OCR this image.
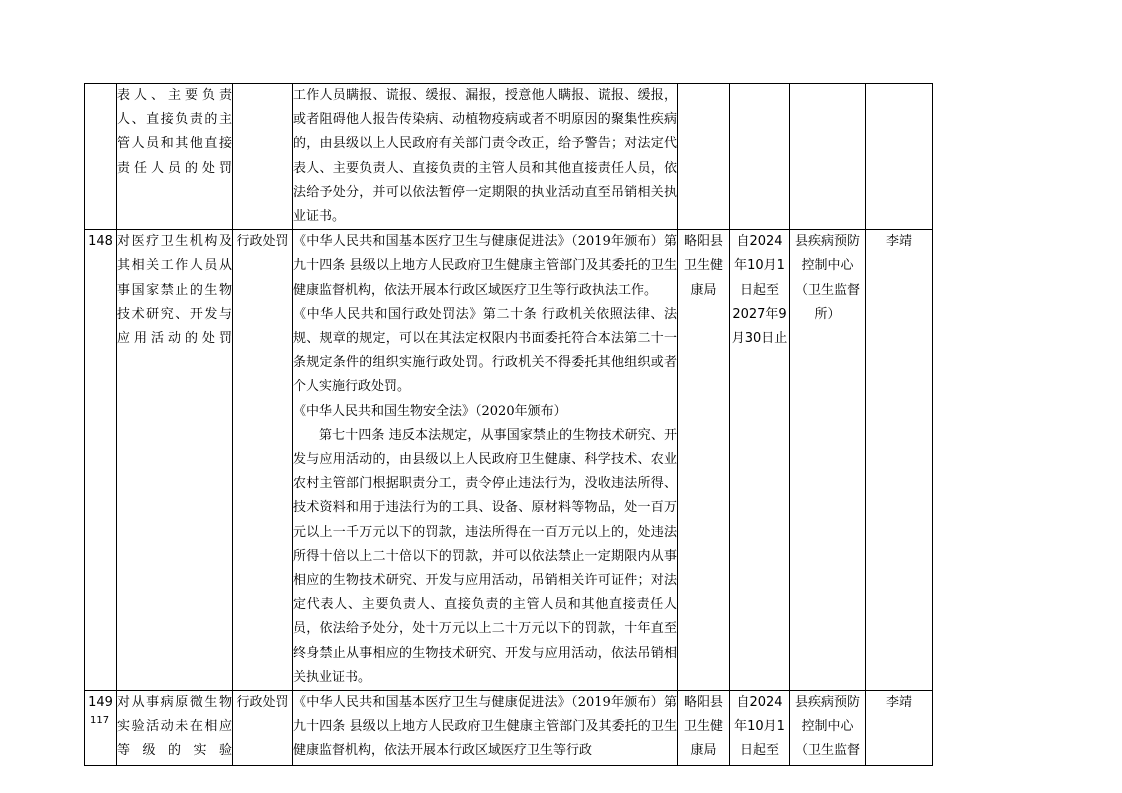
	表人、主要负责人、直接负责的主管人员和其他直接责任人员的处罚		工作人员瞒报、谎报、缓报、漏报，授意他人瞒报、谎报、缓报，或者阻碍他人报告传染病、动植物疫病或者不明原因的聚集性疾病的，由县级以上人民政府有关部门责令改正，给予警告；对法定代表人、主要负责人、直接负责的主管人员和其他直接责任人员，依法给予处分，并可以依法暂停一定期限的执业活动直至吊销相关执业证书。				

148	对医疗卫生机构及其相关工作人员从事国家禁止的生物技术研究、开发与应用活动的处罚	行政处罚	《中华人民共和国基本医疗卫生与健康促进法》（2019年颁布）第九十四条 县级以上地方人民政府卫生健康主管部门及其委托的卫生健康监督机构，依法开展本行政区域医疗卫生等行政执法工作。

《中华人民共和国行政处罚法》第二十条 行政机关依照法律、法规、规章的规定，可以在其法定权限内书面委托符合本法第二十一条规定条件的组织实施行政处罚。行政机关不得委托其他组织或者个人实施行政处罚。

《中华人民共和国生物安全法》（2020年颁布）

第七十四条 违反本法规定，从事国家禁止的生物技术研究、开发与应用活动的，由县级以上人民政府卫生健康、科学技术、农业农村主管部门根据职责分工，责令停止违法行为，没收违法所得、技术资料和用于违法行为的工具、设备、原材料等物品，处一百万元以上一千万元以下的罚款，违法所得在一百万元以上的，处违法所得十倍以上二十倍以下的罚款，并可以依法禁止一定期限内从事相应的生物技术研究、开发与应用活动，吊销相关许可证件；对法定代表人、主要负责人、直接负责的主管人员和其他直接责任人员，依法给予处分，处十万元以上二十万元以下的罚款，十年直至终身禁止从事相应的生物技术研究、开发与应用活动，依法吊销相关执业证书。	略阳县卫生健康局	自2024年10月1日起至2027年9月30日止	县疾病预防控制中心（卫生监督所）	李靖
149	对从事病原微生物实验活动未在相应等级的实验	行政处罚	《中华人民共和国基本医疗卫生与健康促进法》（2019年颁布）第九十四条 县级以上地方人民政府卫生健康主管部门及其委托的卫生健康监督机构，依法开展本行政区域医疗卫生等行政	略阳县卫生健康局	自2024年10月1日起至	县疾病预防控制中心（卫生监督	李靖
117
